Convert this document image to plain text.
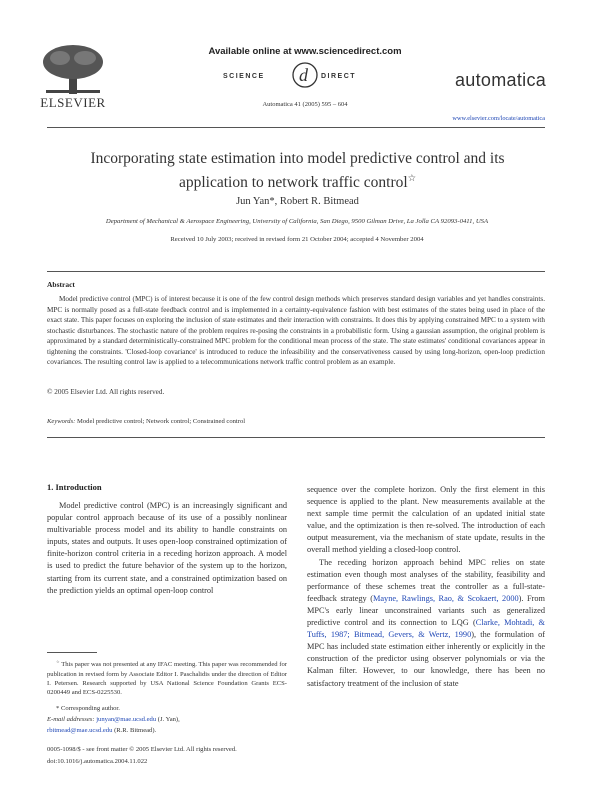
ELSEVIER
Available online at www.sciencedirect.com
SCIENCE d DIRECT
Automatica 41 (2005) 595 – 604
automatica
www.elsevier.com/locate/automatica
Incorporating state estimation into model predictive control and its application to network traffic control☆
Jun Yan*, Robert R. Bitmead
Department of Mechanical & Aerospace Engineering, University of California, San Diego, 9500 Gilman Drive, La Jolla CA 92093-0411, USA
Received 10 July 2003; received in revised form 21 October 2004; accepted 4 November 2004
Abstract
Model predictive control (MPC) is of interest because it is one of the few control design methods which preserves standard design variables and yet handles constraints. MPC is normally posed as a full-state feedback control and is implemented in a certainty-equivalence fashion with best estimates of the states being used in place of the exact state. This paper focuses on exploring the inclusion of state estimates and their interaction with constraints. It does this by applying constrained MPC to a system with stochastic disturbances. The stochastic nature of the problem requires re-posing the constraints in a probabilistic form. Using a gaussian assumption, the original problem is approximated by a standard deterministically-constrained MPC problem for the conditional mean process of the state. The state estimates' conditional covariances appear in tightening the constraints. 'Closed-loop covariance' is introduced to reduce the infeasibility and the conservativeness caused by using long-horizon, open-loop prediction covariances. The resulting control law is applied to a telecommunications network traffic control problem as an example.
© 2005 Elsevier Ltd. All rights reserved.
Keywords: Model predictive control; Network control; Constrained control
1. Introduction
Model predictive control (MPC) is an increasingly significant and popular control approach because of its use of a possibly nonlinear multivariable process model and its ability to handle constraints on inputs, states and outputs. It uses open-loop constrained optimization of finite-horizon control criteria in a receding horizon approach. A model is used to predict the future behavior of the system up to the horizon, starting from its current state, and a constrained optimization based on the prediction yields an optimal open-loop control

sequence over the complete horizon. Only the first element in this sequence is applied to the plant. New measurements available at the next sample time permit the calculation of an updated initial state value, and the optimization is then re-solved. The introduction of each output measurement, via the mechanism of state update, results in the overall method yielding a closed-loop control.

The receding horizon approach behind MPC relies on state estimation even though most analyses of the stability, feasibility and performance of these schemes treat the controller as a full-state-feedback strategy (Mayne, Rawlings, Rao, & Scokaert, 2000). From MPC's early linear unconstrained variants such as generalized predictive control and its connection to LQG (Clarke, Mohtadi, & Tuffs, 1987; Bitmead, Gevers, & Wertz, 1990), the formulation of MPC has included state estimation either inherently or explicitly in the construction of the predictor using observer polynomials or via the Kalman filter. However, to our knowledge, there has been no satisfactory treatment of the inclusion of state

☆ This paper was not presented at any IFAC meeting. This paper was recommended for publication in revised form by Associate Editor I. Paschalidis under the direction of Editor I. Petersen. Research supported by USA National Science Foundation Grants ECS-0200449 and ECS-0225530.
* Corresponding author.
E-mail addresses: junyan@mae.ucsd.edu (J. Yan),
rbitmead@mae.ucsd.edu (R.R. Bitmead).
0005-1098/$ - see front matter © 2005 Elsevier Ltd. All rights reserved.
doi:10.1016/j.automatica.2004.11.022
